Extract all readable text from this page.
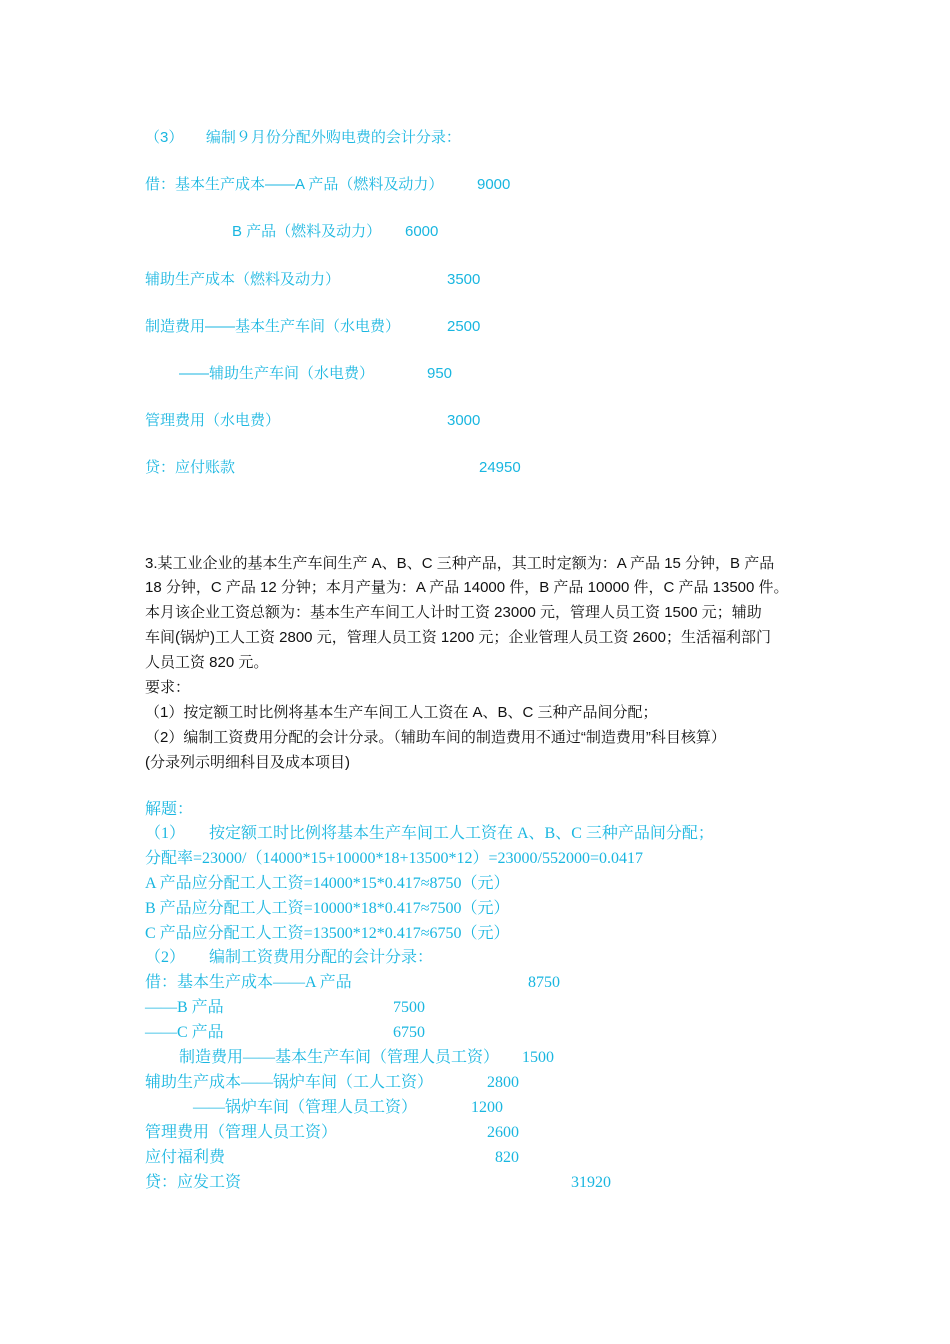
（3）　　编制９月份分配外购电费的会计分录：
借：基本生产成本——A 产品（燃料及动力） 9000
B 产品（燃料及动力） 6000
辅助生产成本（燃料及动力）	3500
制造费用——基本生产车间（水电费）	2500
——辅助生产车间（水电费）	950
管理费用（水电费）	3000
贷：应付账款	24950
3.某工业企业的基本生产车间生产 A、B、C 三种产品，其工时定额为：A 产品 15 分钟，B 产品
18 分钟，C 产品 12 分钟；本月产量为：A 产品 14000 件，B 产品 10000 件，C 产品 13500 件。
本月该企业工资总额为：基本生产车间工人计时工资 23000 元，管理人员工资 1500 元；辅助
车间(锅炉)工人工资 2800 元，管理人员工资 1200 元；企业管理人员工资 2600；生活福利部门
人员工资 820 元。
要求：
（1）按定额工时比例将基本生产车间工人工资在 A、B、C 三种产品间分配；
（2）编制工资费用分配的会计分录。（辅助车间的制造费用不通过“制造费用”科目核算）
(分录列示明细科目及成本项目)
解题：
（1）　　按定额工时比例将基本生产车间工人工资在 A、B、C 三种产品间分配；
分配率=23000/（14000*15+10000*18+13500*12）=23000/552000=0.0417
A 产品应分配工人工资=14000*15*0.417≈8750（元）
B 产品应分配工人工资=10000*18*0.417≈7500（元）
C 产品应分配工人工资=13500*12*0.417≈6750（元）
（2）　　编制工资费用分配的会计分录：
借：基本生产成本——A 产品	8750
——B 产品	7500
——C 产品	6750
制造费用——基本生产车间（管理人员工资） 1500
辅助生产成本——锅炉车间（工人工资）	2800
——锅炉车间（管理人员工资）	1200
管理费用（管理人员工资）	2600
应付福利费	820
贷：应发工资	31920
